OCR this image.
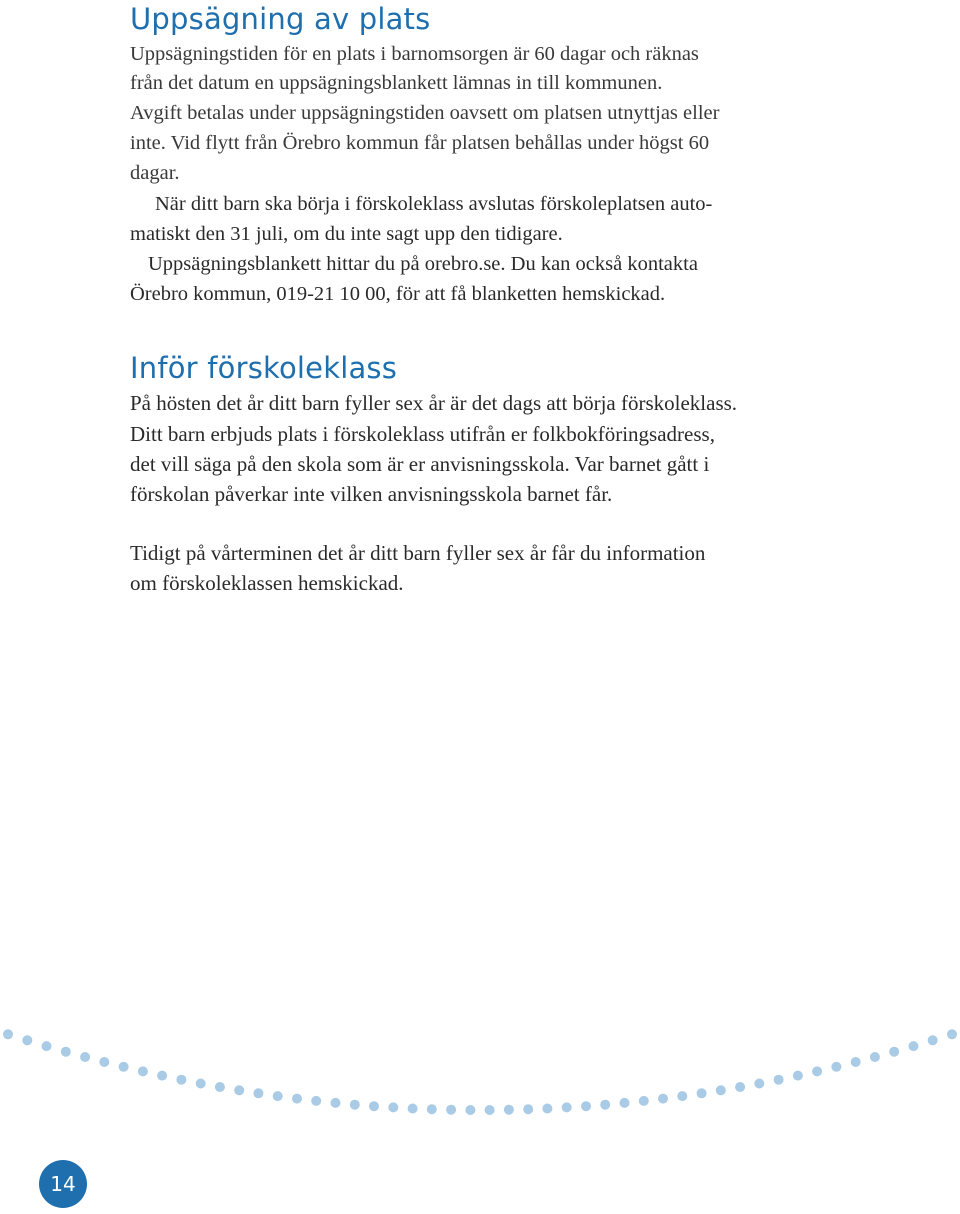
Uppsägning av plats

Uppsägningstiden för en plats i barnomsorgen är 60 dagar och räknas

från det datum en uppsägningsblankett lämnas in till kommunen.

Avgift betalas under uppsägningstiden oavsett om platsen utnyttjas eller

inte. Vid flytt från Örebro kommun får platsen behållas under högst 60

dagar.

När ditt barn ska börja i förskoleklass avslutas förskoleplatsen auto-

matiskt den 31 juli, om du inte sagt upp den tidigare.

Uppsägningsblankett hittar du på orebro.se. Du kan också kontakta

Örebro kommun, 019-21 10 00, för att få blanketten hemskickad.

Inför förskoleklass

På hösten det år ditt barn fyller sex år är det dags att börja förskoleklass.

Ditt barn erbjuds plats i förskoleklass utifrån er folkbokföringsadress,

det vill säga på den skola som är er anvisningsskola. Var barnet gått i

förskolan påverkar inte vilken anvisningsskola barnet får.

Tidigt på vårterminen det år ditt barn fyller sex år får du information

om förskoleklassen hemskickad.

14
